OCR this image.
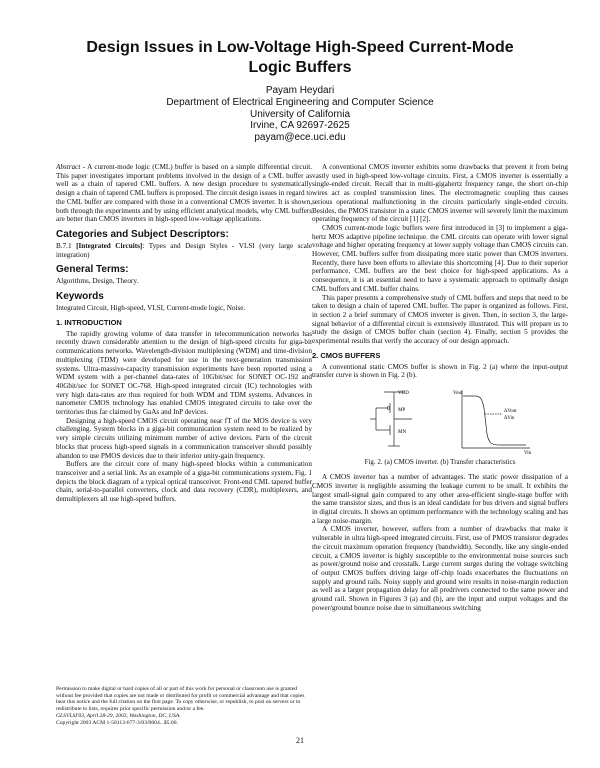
Design Issues in Low-Voltage High-Speed Current-Mode
Logic Buffers
Payam Heydari
Department of Electrical Engineering and Computer Science
University of California
Irvine, CA 92697-2625
payam@ece.uci.edu

Abstract - A current-mode logic (CML) buffer is based on a simple differential circuit. This paper investigates important problems involved in the design of a CML buffer as well as a chain of tapered CML buffers. A new design procedure to systematically design a chain of tapered CML buffers is proposed. The circuit design issues in regard to the CML buffer are compared with those in a conventional CMOS inverter. It is shown, both through the experiments and by using efficient analytical models, why CML buffers are better than CMOS inverters in high-speed low-voltage applications.

Categories and Subject Descriptors:

B.7.1 [Integrated Circuits]: Types and Design Styles - VLSI (very large scale integration)

General Terms:

Algorithms, Design, Theory.

Keywords

Integrated Circuit, High-speed, VLSI, Current-mode logic, Noise.

1. INTRODUCTION

The rapidly growing volume of data transfer in telecommunication networks has recently drawn considerable attention to the design of high-speed circuits for giga-bit communications networks. Wavelength-division multiplexing (WDM) and time-division multiplexing (TDM) were developed for use in the next-generation transmission systems. Ultra-massive-capacity transmission experiments have been reported using a WDM system with a per-channel data-rates of 10Gbit/sec for SONET OC-192 and 40Gbit/sec for SONET OC-768. High-speed integrated circuit (IC) technologies with very high data-rates are thus required for both WDM and TDM systems. Advances in nanometer CMOS technology has enabled CMOS integrated circuits to take over the territories thus far claimed by GaAs and InP devices.

Designing a high-speed CMOS circuit operating near fT of the MOS device is very challenging. System blocks in a giga-bit communication system need to be realized by very simple circuits utilizing minimum number of active devices. Parts of the circuit blocks that process high-speed signals in a communication transceiver should possibly abandon to use PMOS devices due to their inferior unity-gain frequency.

Buffers are the circuit core of many high-speed blocks within a communication transceiver and a serial link. As an example of a giga-bit communications system, Fig. 1 depicts the block diagram of a typical optical transceiver. Front-end CML tapered buffer chain, serial-to-parallel converters, clock and data recovery (CDR), multiplexers, and demultiplexers all use high-speed buffers.

Permission to make digital or hard copies of all or part of this work for personal or classroom use is granted without fee provided that copies are not made or distributed for profit or commercial advantage and that copies bear this notice and the full citation on the first page. To copy otherwise, or republish, to post on servers or to redistribute to lists, requires prior specific permission and/or a fee.
GLSVLSI'03, April 28-29, 2003, Washington, DC, USA.
Copyright 2003 ACM 1-58113-677-3/03/0004...$5.00.

A conventional CMOS inverter exhibits some drawbacks that prevent it from being vastly used in high-speed low-voltage circuits. First, a CMOS inverter is essentially a single-ended circuit. Recall that in multi-gigahertz frequency range, the short on-chip wires act as coupled transmission lines. The electromagnetic coupling thus causes serious operational malfunctioning in the circuits particularly single-ended circuits. Besides, the PMOS transistor in a static CMOS inverter will severely limit the maximum operating frequency of the circuit [1] [2].

CMOS current-mode logic buffers were first introduced in [3] to implement a giga-hertz MOS adaptive pipeline technique. the CML circuits can operate with lower signal voltage and higher operating frequency at lower supply voltage than CMOS circuits can. However, CML buffers suffer from dissipating more static power than CMOS inverters. Recently, there have been efforts to alleviate this shortcoming [4]. Due to their superior performance, CML buffers are the best choice for high-speed applications. As a consequence, it is an essential need to have a systematic approach to optimally design CML buffers and CML buffer chains.

This paper presents a comprehensive study of CML buffers and steps that need to be taken to design a chain of tapered CML buffer. The paper is organized as follows. First, in section 2 a brief summary of CMOS inverter is given. Then, in section 3, the large-signal behavior of a differential circuit is extensively illustrated. This will prepare us to study the design of CMOS buffer chain (section 4). Finally, section 5 provides the experimental results that verify the accuracy of our design approach.

2. CMOS BUFFERS

A conventional static CMOS buffer is shown in Fig. 2 (a) where the input-output transfer curve is shown in Fig. 2 (b).

VDD
MP
MN
Vout
Vin
ΔVout
ΔVin
Fig. 2. (a) CMOS inverter. (b) Transfer characteristics

A CMOS inverter has a number of advantages. The static power dissipation of a CMOS inverter is negligible assuming the leakage current to be small. It exhibits the largest small-signal gain compared to any other area-efficient single-stage buffer with the same transistor sizes, and thus is an ideal candidate for bus drivers and signal buffers in digital circuits. It shows an optimum performance with the technology scaling and has a large noise-margin.

A CMOS inverter, however, suffers from a number of drawbacks that make it vulnerable in ultra high-speed integrated circuits. First, use of PMOS transistor degrades the circuit maximum operation frequency (bandwidth). Secondly, like any single-ended circuit, a CMOS inverter is highly susceptible to the environmental noise sources such as power/ground noise and crosstalk. Large current surges during the voltage switching of output CMOS buffers driving large off-chip loads exacerbates the fluctuations on supply and ground rails. Noisy supply and ground wire results in noise-margin reduction as well as a larger propagation delay for all predrivers connected to the same power and ground rail. Shown in Figures 3 (a) and (b), are the input and output voltages and the power/ground bounce noise due to simultaneous switching

21
